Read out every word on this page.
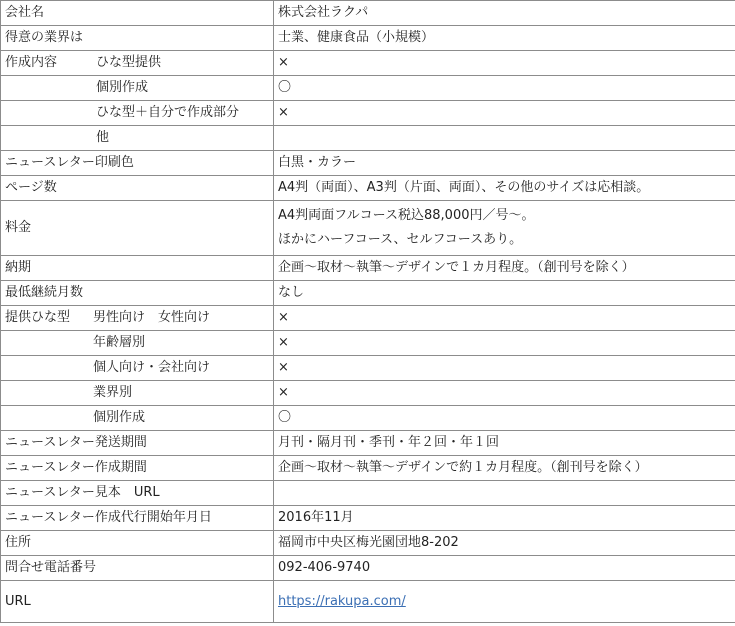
会社名	株式会社ラクパ
得意の業界は	士業、健康食品（小規模）
作成内容 ひな型提供	×
個別作成	〇
ひな型＋自分で作成部分	×
他	
ニュースレター印刷色	白黒・カラー
ページ数	A4判（両面）、A3判（片面、両面）、その他のサイズは応相談。
料金	A4判両面フルコース税込88,000円／号～。
ほかにハーフコース、セルフコースあり。

納期	企画～取材～執筆～デザインで１カ月程度。（創刊号を除く）
最低継続月数	なし
提供ひな型 男性向け　女性向け	×
年齢層別	×
個人向け・会社向け	×
業界別	×
個別作成	〇
ニュースレター発送期間	月刊・隔月刊・季刊・年２回・年１回
ニュースレター作成期間	企画～取材～執筆～デザインで約１カ月程度。（創刊号を除く）
ニュースレター見本　URL	
ニュースレター作成代行開始年月日	2016年11月
住所	福岡市中央区梅光園団地8-202
問合せ電話番号	092-406-9740
URL	https://rakupa.com/
